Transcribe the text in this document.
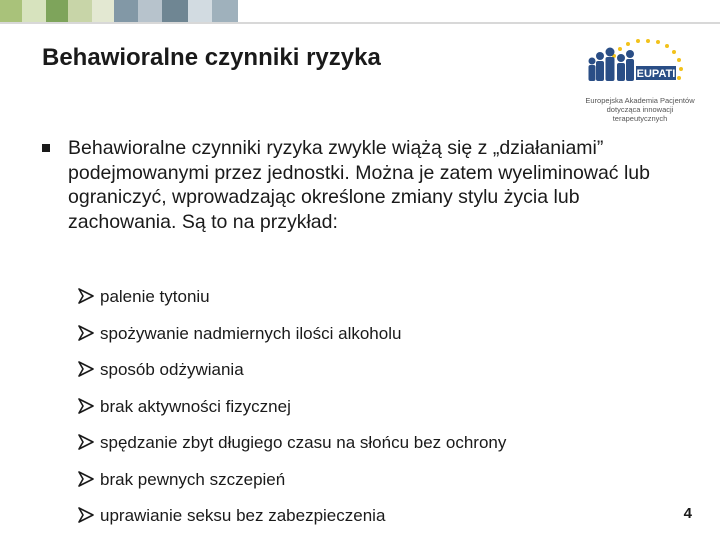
Behawioralne czynniki ryzyka
EUPATI
Europejska Akademia Pacjentów
dotycząca innowacji
terapeutycznych
Behawioralne czynniki ryzyka zwykle wiążą się z „działaniami” podejmowanymi przez jednostki. Można je zatem wyeliminować lub ograniczyć, wprowadzając określone zmiany stylu życia lub zachowania. Są to na przykład:
palenie tytoniu
spożywanie nadmiernych ilości alkoholu
sposób odżywiania
brak aktywności fizycznej
spędzanie zbyt długiego czasu na słońcu bez ochrony
brak pewnych szczepień
uprawianie seksu bez zabezpieczenia	4
